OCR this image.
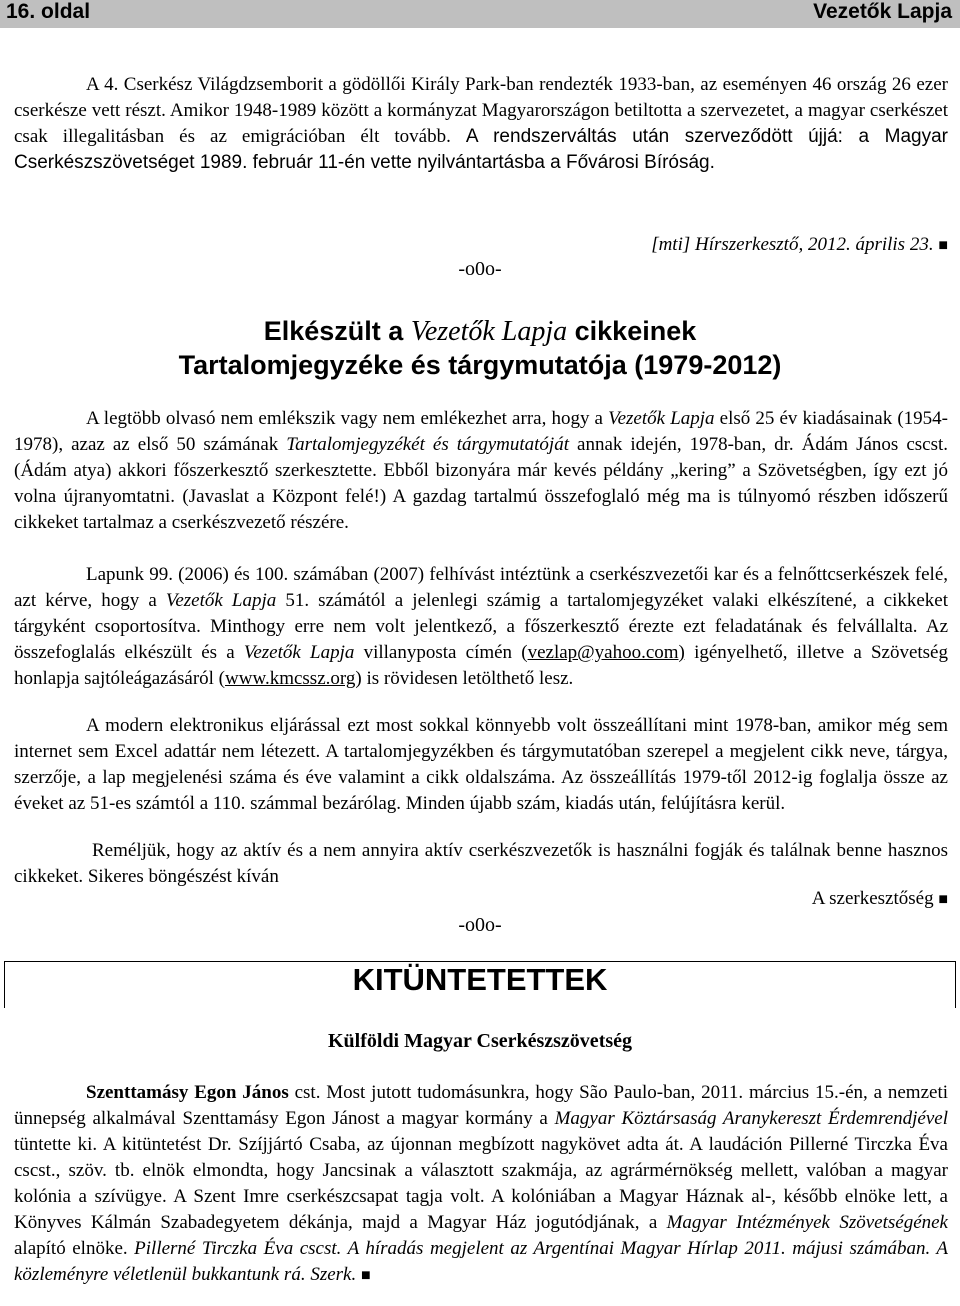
16. oldal	Vezetők Lapja
A 4. Cserkész Világdzsemborit a gödöllői Király Park-ban rendezték 1933-ban, az eseményen 46 ország 26 ezer cserkésze vett részt. Amikor 1948-1989 között a kormányzat Magyarországon betiltotta a szervezetet, a magyar cserkészet csak illegalitásban és az emigrációban élt tovább. A rendszerváltás után szerveződött újjá: a Magyar Cserkészszövetséget 1989. február 11-én vette nyilvántartásba a Fővárosi Bíróság.
[mti] Hírszerkesztő, 2012. április 23. ■
-o0o-
Elkészült a Vezetők Lapja cikkeinek
Tartalomjegyzéke és tárgymutatója (1979-2012)
A legtöbb olvasó nem emlékszik vagy nem emlékezhet arra, hogy a Vezetők Lapja első 25 év kiadásainak (1954-1978), azaz az első 50 számának Tartalomjegyzékét és tárgymutatóját annak idején, 1978-ban, dr. Ádám János cscst. (Ádám atya) akkori főszerkesztő szerkesztette. Ebből bizonyára már kevés példány „kering” a Szövetségben, így ezt jó volna újranyomtatni. (Javaslat a Központ felé!) A gazdag tartalmú összefoglaló még ma is túlnyomó részben időszerű cikkeket tartalmaz a cserkészvezető részére.
Lapunk 99. (2006) és 100. számában (2007) felhívást intéztünk a cserkészvezetői kar és a felnőttcserkészek felé, azt kérve, hogy a Vezetők Lapja 51. számától a jelenlegi számig a tartalomjegyzéket valaki elkészítené, a cikkeket tárgyként csoportosítva. Minthogy erre nem volt jelentkező, a főszerkesztő érezte ezt feladatának és felvállalta. Az összefoglalás elkészült és a Vezetők Lapja villanyposta címén (vezlap@yahoo.com) igényelhető, illetve a Szövetség honlapja sajtóleágazásáról (www.kmcssz.org) is rövidesen letölthető lesz.
A modern elektronikus eljárással ezt most sokkal könnyebb volt összeállítani mint 1978-ban, amikor még sem internet sem Excel adattár nem létezett. A tartalomjegyzékben és tárgymutatóban szerepel a megjelent cikk neve, tárgya, szerzője, a lap megjelenési száma és éve valamint a cikk oldalszáma. Az összeállítás 1979-től 2012-ig foglalja össze az éveket az 51-es számtól a 110. számmal bezárólag. Minden újabb szám, kiadás után, felújításra kerül.
Reméljük, hogy az aktív és a nem annyira aktív cserkészvezetők is használni fogják és találnak benne hasznos cikkeket. Sikeres böngészést kíván
A szerkesztőség ■
-o0o-
KITÜNTETETTEK
Külföldi Magyar Cserkészszövetség
Szenttamásy Egon János cst. Most jutott tudomásunkra, hogy São Paulo-ban, 2011. március 15.-én, a nemzeti ünnepség alkalmával Szenttamásy Egon Jánost a magyar kormány a Magyar Köztársaság Aranykereszt Érdemrendjével tüntette ki. A kitüntetést Dr. Szíjjártó Csaba, az újonnan megbízott nagykövet adta át. A laudáción Pillerné Tirczka Éva cscst., szöv. tb. elnök elmondta, hogy Jancsinak a választott szakmája, az agrármérnökség mellett, valóban a magyar kolónia a szívügye. A Szent Imre cserkészcsapat tagja volt. A kolóniában a Magyar Háznak al-, később elnöke lett, a Könyves Kálmán Szabadegyetem dékánja, majd a Magyar Ház jogutódjának, a Magyar Intézmények Szövetségének alapító elnöke. Pillerné Tirczka Éva cscst. A híradás megjelent az Argentínai Magyar Hírlap 2011. májusi számában. A közleményre véletlenül bukkantunk rá. Szerk. ■
